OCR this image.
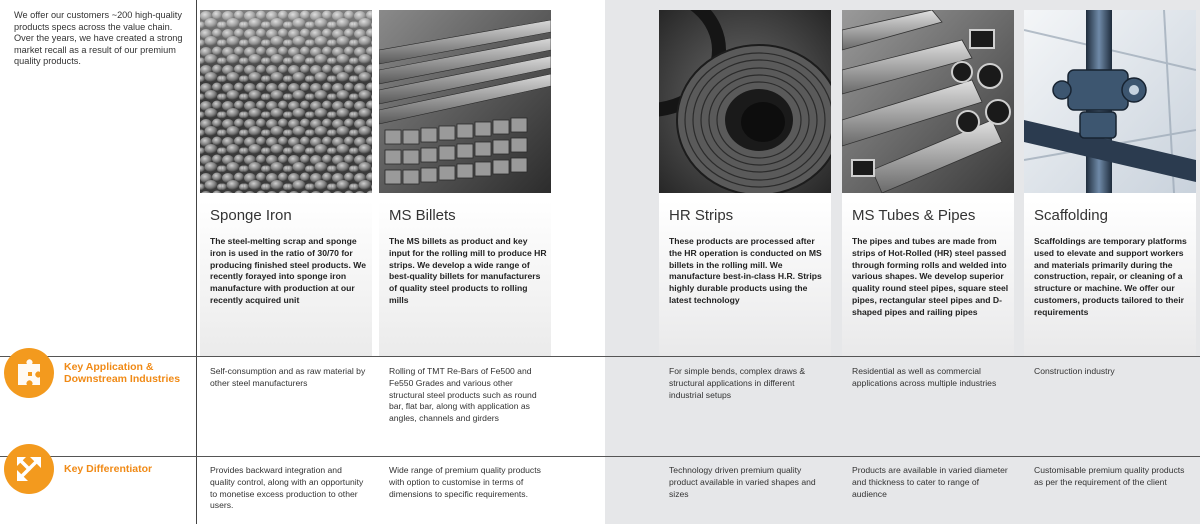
We offer our customers ~200 high-quality products specs across the value chain. Over the years, we have created a strong market recall as a result of our premium quality products.

Sponge Iron

The steel-melting scrap and sponge iron is used in the ratio of 30/70 for producing finished steel products. We recently forayed into sponge iron manufacture with production at our recently acquired unit

Self-consumption and as raw material by other steel manufacturers

Provides backward integration and quality control, along with an opportunity to monetise excess production to other users.

MS Billets

The MS billets as product and key input for the rolling mill to produce HR strips. We develop a wide range of best-quality billets for manufacturers of quality steel products to rolling mills

Rolling of TMT Re-Bars of Fe500 and Fe550 Grades and various other structural steel products such as round bar, flat bar, along with application as angles, channels and girders

Wide range of premium quality products with option to customise in terms of dimensions to specific requirements.

HR Strips

These products are processed after the HR operation is conducted on MS billets in the rolling mill. We manufacture best-in-class H.R. Strips highly durable products using the latest technology

For simple bends, complex draws & structural applications in different industrial setups

Technology driven premium quality product available in varied shapes and sizes

MS Tubes & Pipes

The pipes and tubes are made from strips of Hot-Rolled (HR) steel passed through forming rolls and welded into various shapes. We develop superior quality round steel pipes, square steel pipes, rectangular steel pipes and D-shaped pipes and railing pipes

Residential as well as commercial applications across multiple industries

Products are available in varied diameter and thickness to cater to range of audience

Scaffolding

Scaffoldings are temporary platforms used to elevate and support workers and materials primarily during the construction, repair, or cleaning of a structure or machine. We offer our customers, products tailored to their requirements

Construction industry

Customisable premium quality products as per the requirement of the client

Key Application & Downstream Industries
Key Differentiator
